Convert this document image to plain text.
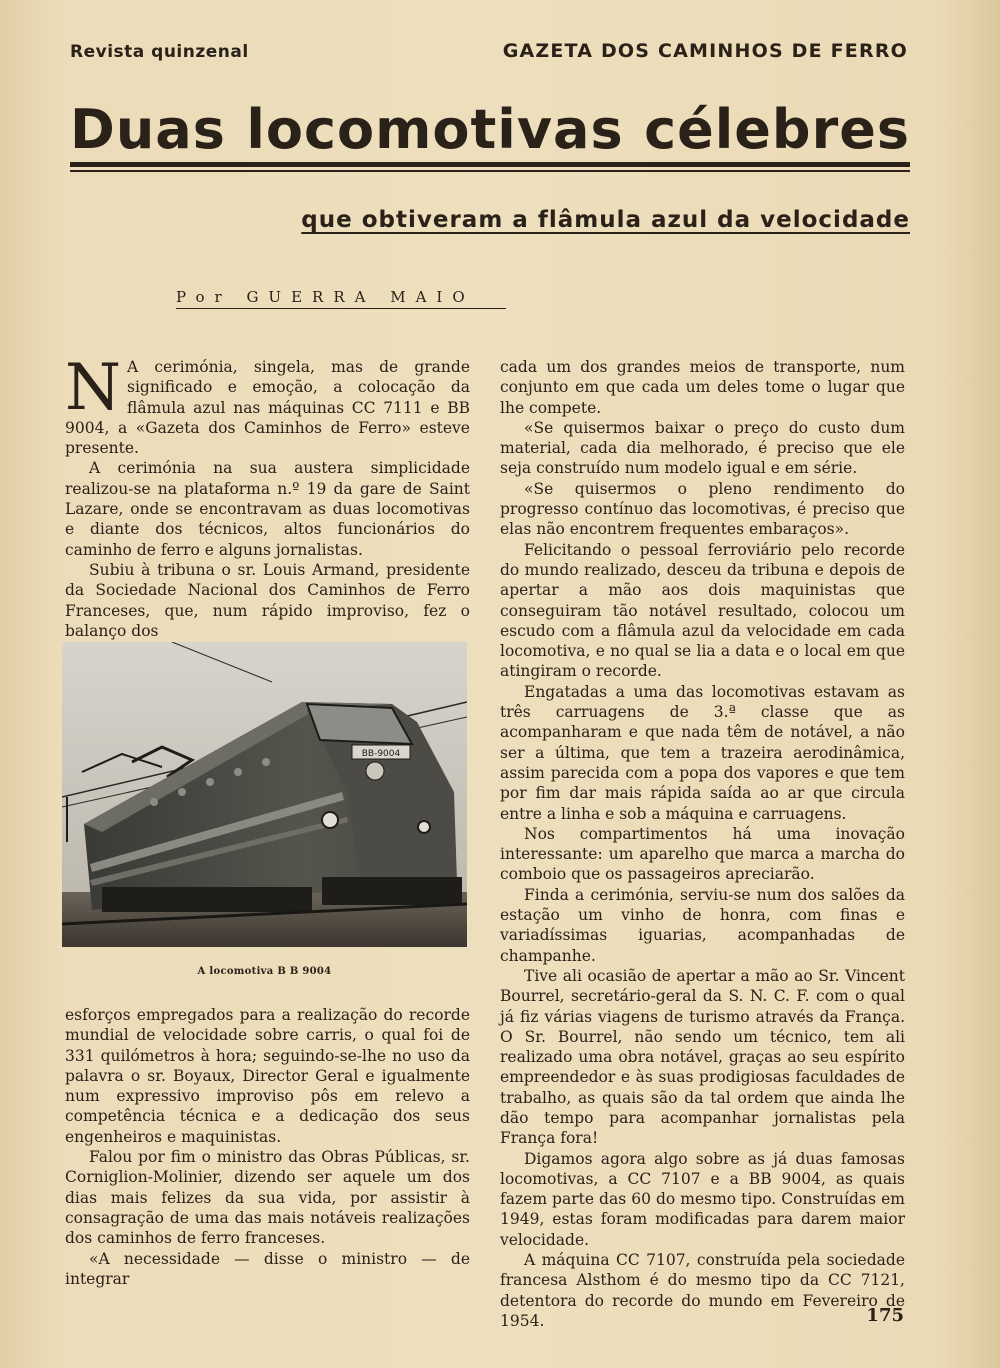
Revista quinzenal	GAZETA DOS CAMINHOS DE FERRO
Duas locomotivas célebres
que obtiveram a flâmula azul da velocidade
Por GUERRA MAIO

N A cerimónia, singela, mas de grande significado e emoção, a colocação da flâmula azul nas máquinas CC 7111 e BB 9004, a «Gazeta dos Caminhos de Ferro» esteve presente.

A cerimónia na sua austera simplicidade realizou-se na plataforma n.º 19 da gare de Saint Lazare, onde se encontravam as duas locomotivas e diante dos técnicos, altos funcionários do caminho de ferro e alguns jornalistas.

Subiu à tribuna o sr. Louis Armand, presidente da Sociedade Nacional dos Caminhos de Ferro Franceses, que, num rápido improviso, fez o balanço dos

BB-9004
A locomotiva B B 9004

esforços empregados para a realização do recorde mundial de velocidade sobre carris, o qual foi de 331 quilómetros à hora; seguindo-se-lhe no uso da palavra o sr. Boyaux, Director Geral e igualmente num expressivo improviso pôs em relevo a competência técnica e a dedicação dos seus engenheiros e maquinistas.

Falou por fim o ministro das Obras Públicas, sr. Corniglion-Molinier, dizendo ser aquele um dos dias mais felizes da sua vida, por assistir à consagração de uma das mais notáveis realizações dos caminhos de ferro franceses.

«A necessidade — disse o ministro — de integrar

cada um dos grandes meios de transporte, num conjunto em que cada um deles tome o lugar que lhe compete.

«Se quisermos baixar o preço do custo dum material, cada dia melhorado, é preciso que ele seja construído num modelo igual e em série.

«Se quisermos o pleno rendimento do progresso contínuo das locomotivas, é preciso que elas não encontrem frequentes embaraços».

Felicitando o pessoal ferroviário pelo recorde do mundo realizado, desceu da tribuna e depois de apertar a mão aos dois maquinistas que conseguiram tão notável resultado, colocou um escudo com a flâmula azul da velocidade em cada locomotiva, e no qual se lia a data e o local em que atingiram o recorde.

Engatadas a uma das locomotivas estavam as três carruagens de 3.ª classe que as acompanharam e que nada têm de notável, a não ser a última, que tem a trazeira aerodinâmica, assim parecida com a popa dos vapores e que tem por fim dar mais rápida saída ao ar que circula entre a linha e sob a máquina e carruagens.

Nos compartimentos há uma inovação interessante: um aparelho que marca a marcha do comboio que os passageiros apreciarão.

Finda a cerimónia, serviu-se num dos salões da estação um vinho de honra, com finas e variadíssimas iguarias, acompanhadas de champanhe.

Tive ali ocasião de apertar a mão ao Sr. Vincent Bourrel, secretário-geral da S. N. C. F. com o qual já fiz várias viagens de turismo através da França. O Sr. Bourrel, não sendo um técnico, tem ali realizado uma obra notável, graças ao seu espírito empreendedor e às suas prodigiosas faculdades de trabalho, as quais são da tal ordem que ainda lhe dão tempo para acompanhar jornalistas pela França fora!

Digamos agora algo sobre as já duas famosas locomotivas, a CC 7107 e a BB 9004, as quais fazem parte das 60 do mesmo tipo. Construídas em 1949, estas foram modificadas para darem maior velocidade.

A máquina CC 7107, construída pela sociedade francesa Alsthom é do mesmo tipo da CC 7121, detentora do recorde do mundo em Fevereiro de 1954.	175
